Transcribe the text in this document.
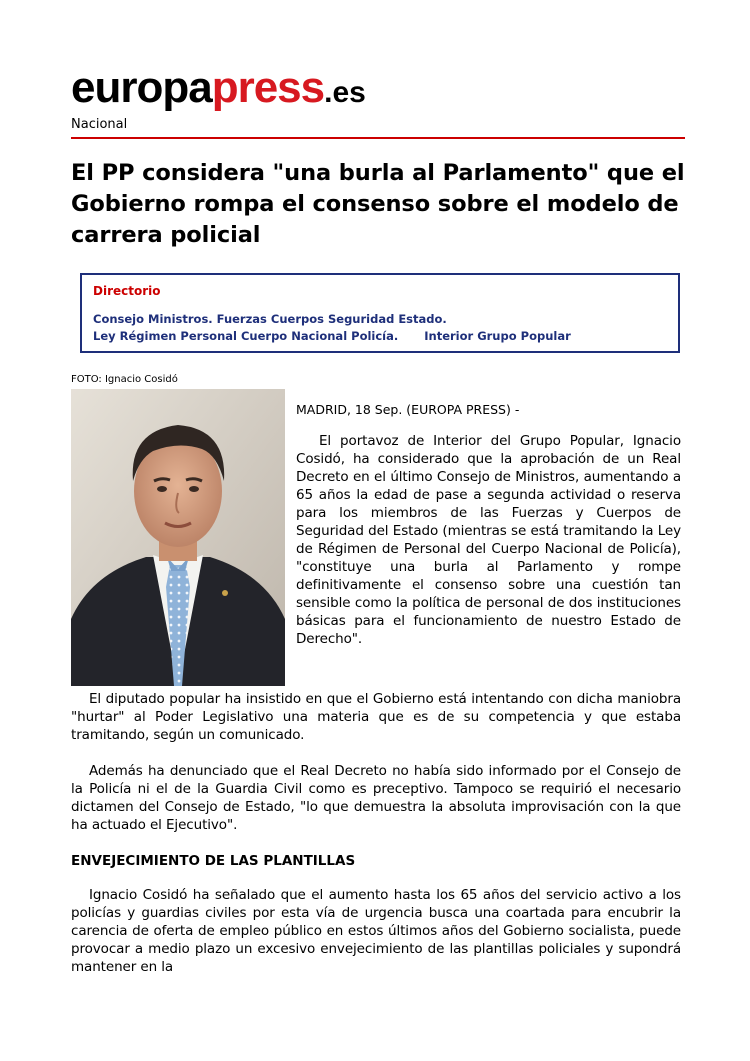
europapress.es
Nacional
El PP considera "una burla al Parlamento" que el Gobierno rompa el consenso sobre el modelo de carrera policial
Directorio
Consejo Ministros. Fuerzas Cuerpos Seguridad Estado.
Ley Régimen Personal Cuerpo Nacional Policía. Interior Grupo Popular
FOTO: Ignacio Cosidó

MADRID, 18 Sep. (EUROPA PRESS) -

El portavoz de Interior del Grupo Popular, Ignacio Cosidó, ha considerado que la aprobación de un Real Decreto en el último Consejo de Ministros, aumentando a 65 años la edad de pase a segunda actividad o reserva para los miembros de las Fuerzas y Cuerpos de Seguridad del Estado (mientras se está tramitando la Ley de Régimen de Personal del Cuerpo Nacional de Policía), "constituye una burla al Parlamento y rompe definitivamente el consenso sobre una cuestión tan sensible como la política de personal de dos instituciones básicas para el funcionamiento de nuestro Estado de Derecho".

El diputado popular ha insistido en que el Gobierno está intentando con dicha maniobra "hurtar" al Poder Legislativo una materia que es de su competencia y que estaba tramitando, según un comunicado.

Además ha denunciado que el Real Decreto no había sido informado por el Consejo de la Policía ni el de la Guardia Civil como es preceptivo. Tampoco se requirió el necesario dictamen del Consejo de Estado, "lo que demuestra la absoluta improvisación con la que ha actuado el Ejecutivo".

ENVEJECIMIENTO DE LAS PLANTILLAS

Ignacio Cosidó ha señalado que el aumento hasta los 65 años del servicio activo a los policías y guardias civiles por esta vía de urgencia busca una coartada para encubrir la carencia de oferta de empleo público en estos últimos años del Gobierno socialista, puede provocar a medio plazo un excesivo envejecimiento de las plantillas policiales y supondrá mantener en la
